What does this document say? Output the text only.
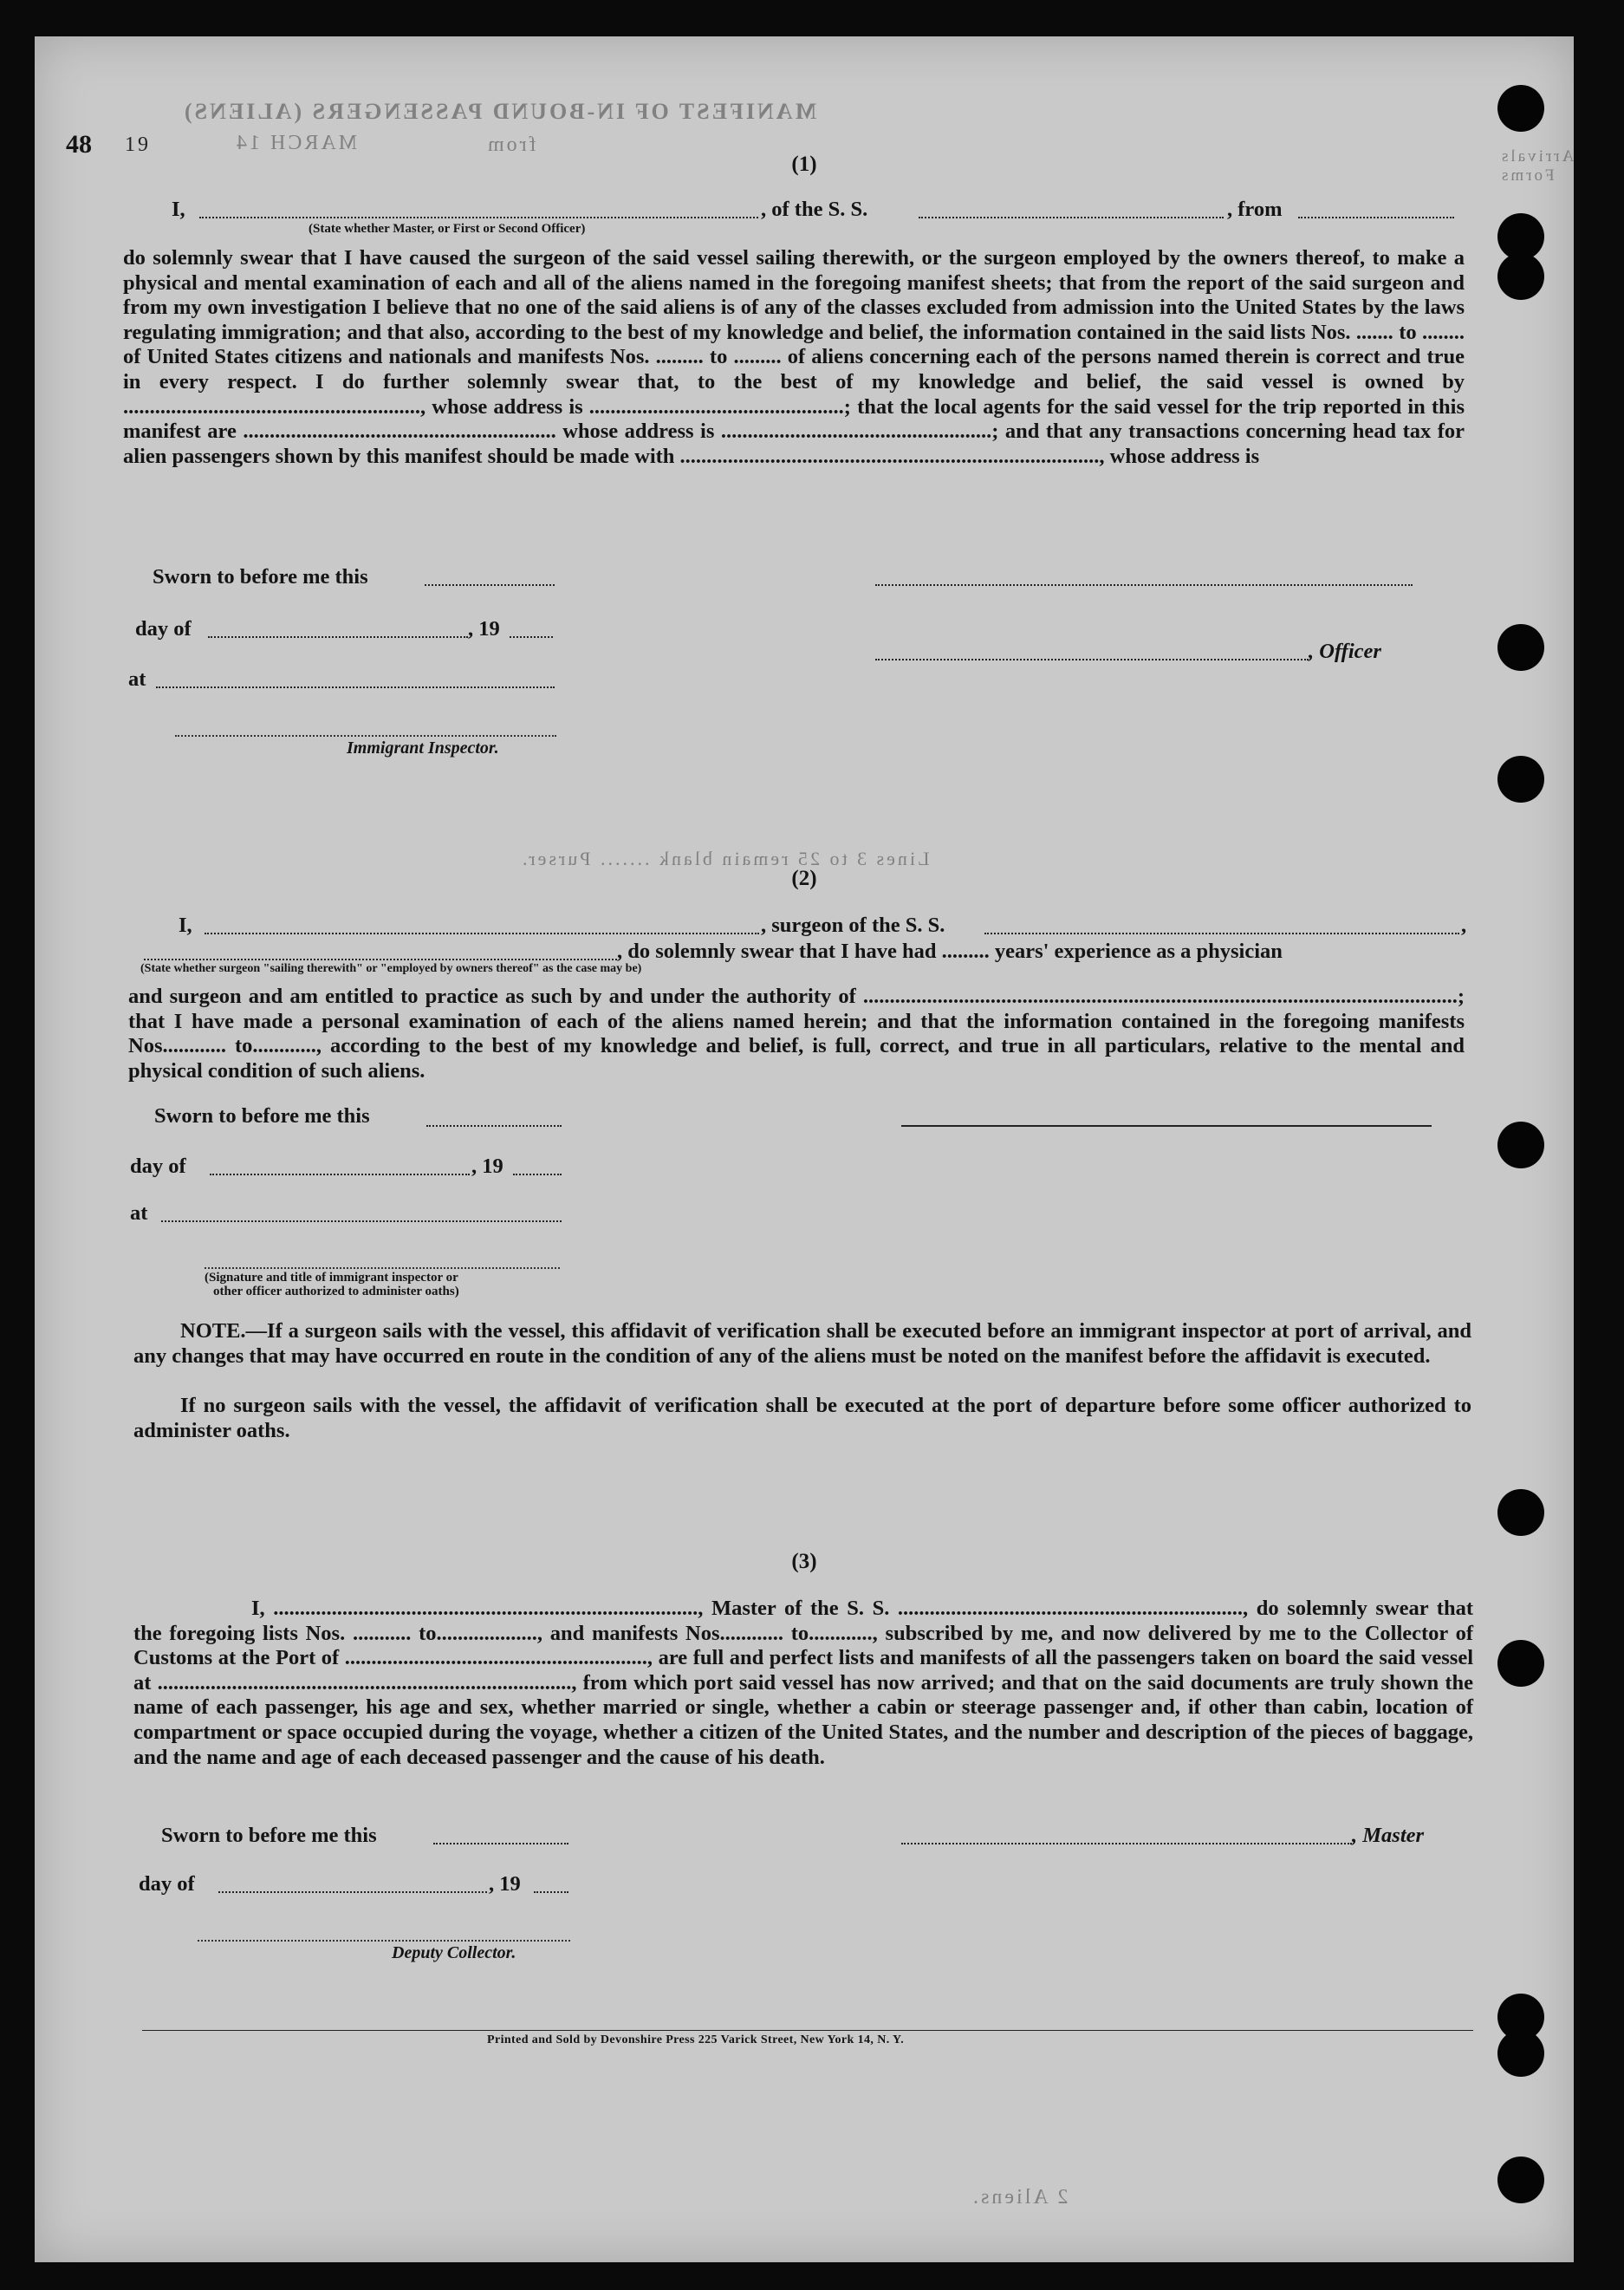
48
MANIFEST OF IN-BOUND PASSENGERS (ALIENS)
MARCH 14
19	from
Arrivals
Forms
Lines 3 to 25 remain blank ....... Purser.
2 Aliens.
(1)
I,	, of the S. S.	, from
(State whether Master, or First or Second Officer)

do solemnly swear that I have caused the surgeon of the said vessel sailing therewith, or the surgeon employed by the owners thereof, to make a physical and mental examination of each and all of the aliens named in the foregoing manifest sheets; that from the report of the said surgeon and from my own investigation I believe that no one of the said aliens is of any of the classes excluded from admission into the United States by the laws regulating immigration; and that also, according to the best of my knowledge and belief, the information contained in the said lists Nos. ....... to ........ of United States citizens and nationals and manifests Nos. ......... to ......... of aliens concerning each of the persons named therein is correct and true in every respect. I do further solemnly swear that, to the best of my knowledge and belief, the said vessel is owned by ........................................................, whose address is ................................................; that the local agents for the said vessel for the trip reported in this manifest are ........................................................... whose address is ...................................................; and that any transactions concerning head tax for alien passengers shown by this manifest should be made with ..............................................................................., whose address is

Sworn to before me this
day of	, 19
, Officer
at
Immigrant Inspector.
(2)
I,	, surgeon of the S. S.	,
, do solemnly swear that I have had ......... years' experience as a physician
(State whether surgeon "sailing therewith" or "employed by owners thereof" as the case may be)

and surgeon and am entitled to practice as such by and under the authority of ................................................................................................................; that I have made a personal examination of each of the aliens named herein; and that the information contained in the foregoing manifests Nos............ to............, according to the best of my knowledge and belief, is full, correct, and true in all particulars, relative to the mental and physical condition of such aliens.

Sworn to before me this
day of	, 19
at
(Signature and title of immigrant inspector or
other officer authorized to administer oaths)

NOTE.—If a surgeon sails with the vessel, this affidavit of verification shall be executed before an immigrant inspector at port of arrival, and any changes that may have occurred en route in the condition of any of the aliens must be noted on the manifest before the affidavit is executed.

If no surgeon sails with the vessel, the affidavit of verification shall be executed at the port of departure before some officer authorized to administer oaths.

(3)

I, ................................................................................, Master of the S. S. ................................................................., do solemnly swear that the foregoing lists Nos. ........... to..................., and manifests Nos............ to............, subscribed by me, and now delivered by me to the Collector of Customs at the Port of ........................................................., are full and perfect lists and manifests of all the passengers taken on board the said vessel at .............................................................................., from which port said vessel has now arrived; and that on the said documents are truly shown the name of each passenger, his age and sex, whether married or single, whether a cabin or steerage passenger and, if other than cabin, location of compartment or space occupied during the voyage, whether a citizen of the United States, and the number and description of the pieces of baggage, and the name and age of each deceased passenger and the cause of his death.

Sworn to before me this	, Master
day of	, 19
Deputy Collector.
Printed and Sold by Devonshire Press 225 Varick Street, New York 14, N. Y.
